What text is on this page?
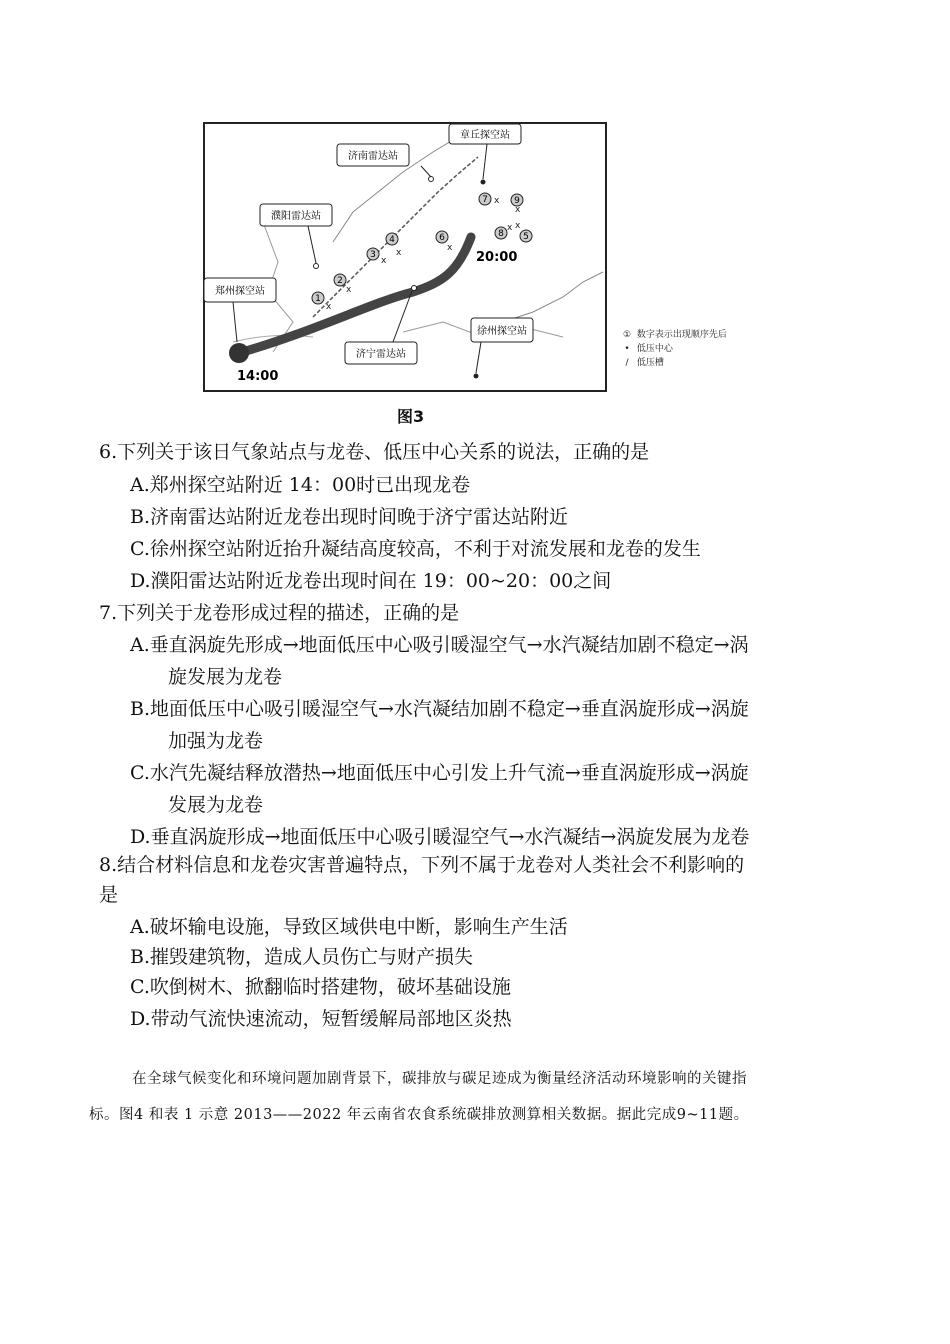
济南雷达站
章丘探空站
濮阳雷达站
郑州探空站
济宁雷达站
徐州探空站
1
2
3
4	5
6
7
8
9
x
x
x
x	x
x
x x
x
20:00
14:00
① 数字表示出现顺序先后
• 低压中心
/ 低压槽
图3
6.下列关于该日气象站点与龙卷、低压中心关系的说法，正确的是
A.郑州探空站附近 14：00时已出现龙卷
B.济南雷达站附近龙卷出现时间晚于济宁雷达站附近
C.徐州探空站附近抬升凝结高度较高，不利于对流发展和龙卷的发生
D.濮阳雷达站附近龙卷出现时间在 19：00~20：00之间
7.下列关于龙卷形成过程的描述，正确的是
A.垂直涡旋先形成→地面低压中心吸引暖湿空气→水汽凝结加剧不稳定→涡
旋发展为龙卷
B.地面低压中心吸引暖湿空气→水汽凝结加剧不稳定→垂直涡旋形成→涡旋
加强为龙卷
C.水汽先凝结释放潜热→地面低压中心引发上升气流→垂直涡旋形成→涡旋
发展为龙卷
D.垂直涡旋形成→地面低压中心吸引暖湿空气→水汽凝结→涡旋发展为龙卷
8.结合材料信息和龙卷灾害普遍特点，下列不属于龙卷对人类社会不利影响的
是
A.破坏输电设施，导致区域供电中断，影响生产生活
B.摧毁建筑物，造成人员伤亡与财产损失
C.吹倒树木、掀翻临时搭建物，破坏基础设施
D.带动气流快速流动，短暂缓解局部地区炎热
在全球气候变化和环境问题加剧背景下，碳排放与碳足迹成为衡量经济活动环境影响的关键指
标。图4 和表 1 示意 2013——2022 年云南省农食系统碳排放测算相关数据。据此完成9~11题。
